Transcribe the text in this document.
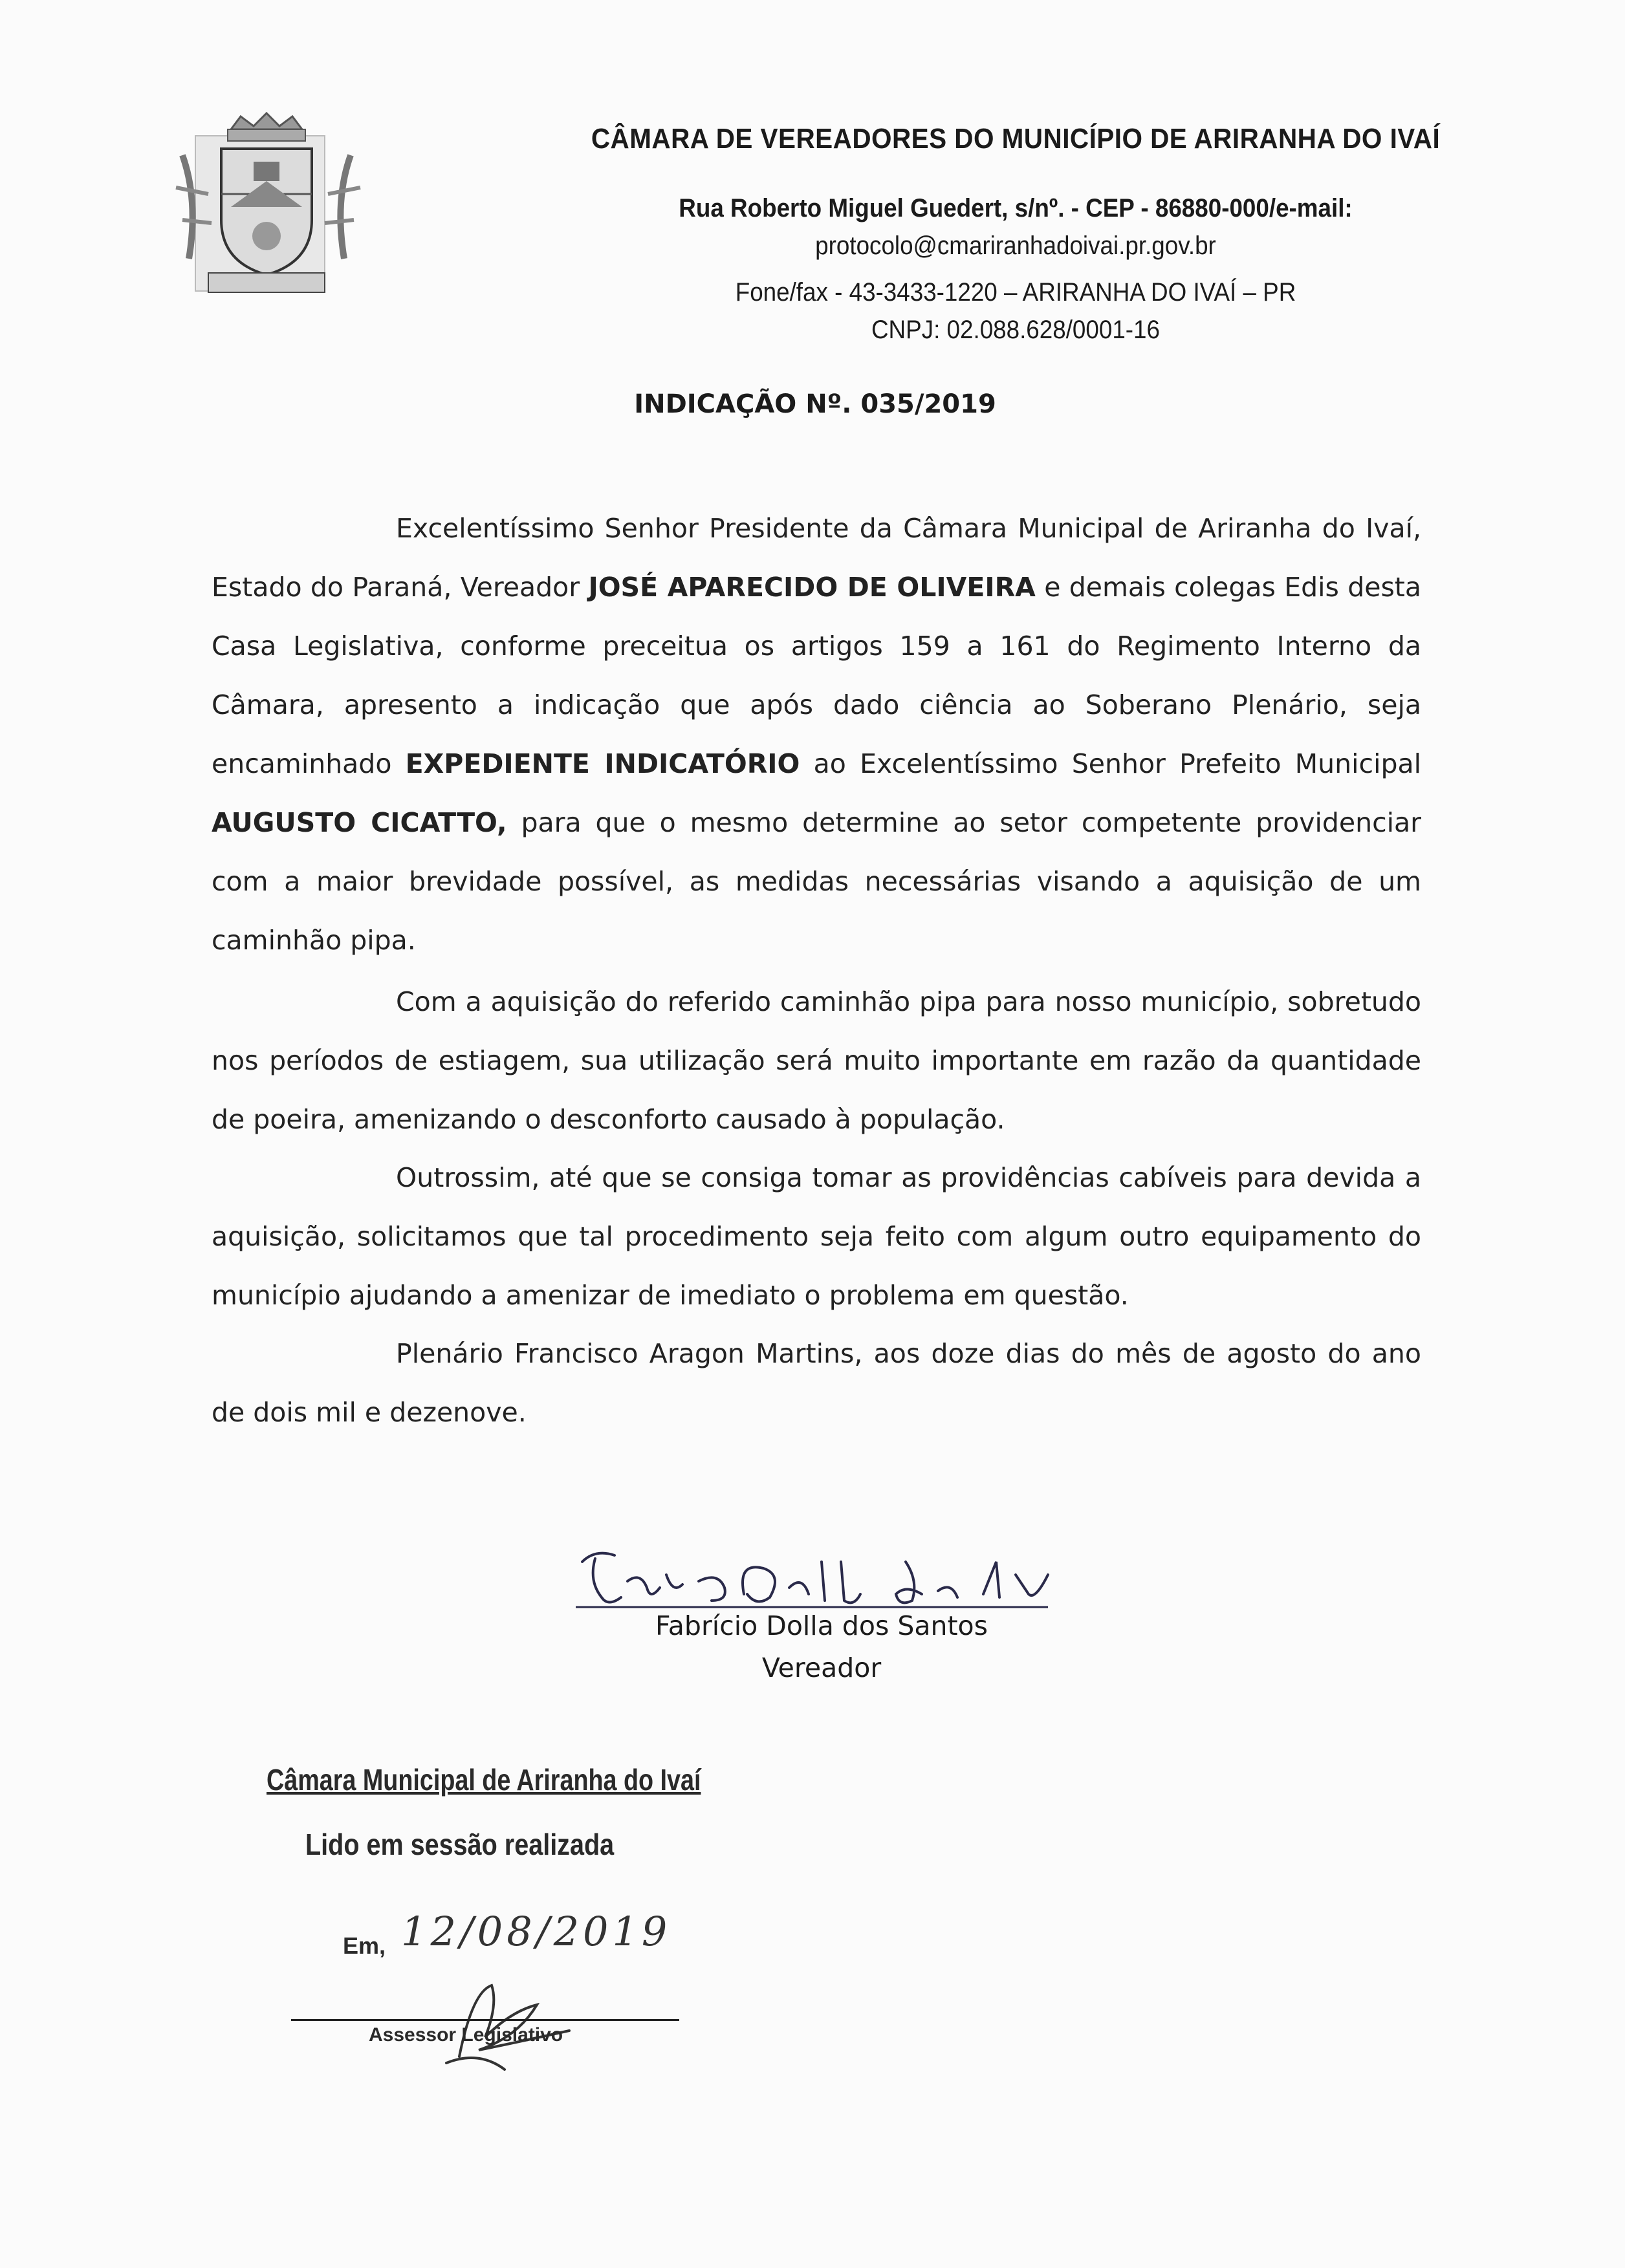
CÂMARA DE VEREADORES DO MUNICÍPIO DE ARIRANHA DO IVAÍ
Rua Roberto Miguel Guedert, s/nº. - CEP - 86880-000/e-mail:
protocolo@cmariranhadoivai.pr.gov.br
Fone/fax - 43-3433-1220 – ARIRANHA DO IVAÍ – PR
CNPJ: 02.088.628/0001-16
INDICAÇÃO Nº. 035/2019
Excelentíssimo Senhor Presidente da Câmara Municipal de Ariranha do Ivaí, Estado do Paraná, Vereador JOSÉ APARECIDO DE OLIVEIRA e demais colegas Edis desta Casa Legislativa, conforme preceitua os artigos 159 a 161 do Regimento Interno da Câmara, apresento a indicação que após dado ciência ao Soberano Plenário, seja encaminhado EXPEDIENTE INDICATÓRIO ao Excelentíssimo Senhor Prefeito Municipal AUGUSTO CICATTO, para que o mesmo determine ao setor competente providenciar com a maior brevidade possível, as medidas necessárias visando a aquisição de um caminhão pipa.
Com a aquisição do referido caminhão pipa para nosso município, sobretudo nos períodos de estiagem, sua utilização será muito importante em razão da quantidade de poeira, amenizando o desconforto causado à população.
Outrossim, até que se consiga tomar as providências cabíveis para devida a aquisição, solicitamos que tal procedimento seja feito com algum outro equipamento do município ajudando a amenizar de imediato o problema em questão.
Plenário Francisco Aragon Martins, aos doze dias do mês de agosto do ano de dois mil e dezenove.
Fabrício Dolla dos Santos
Vereador
Câmara Municipal de Ariranha do Ivaí
Lido em sessão realizada
Em, 12/08/2019
Assessor Legislativo
